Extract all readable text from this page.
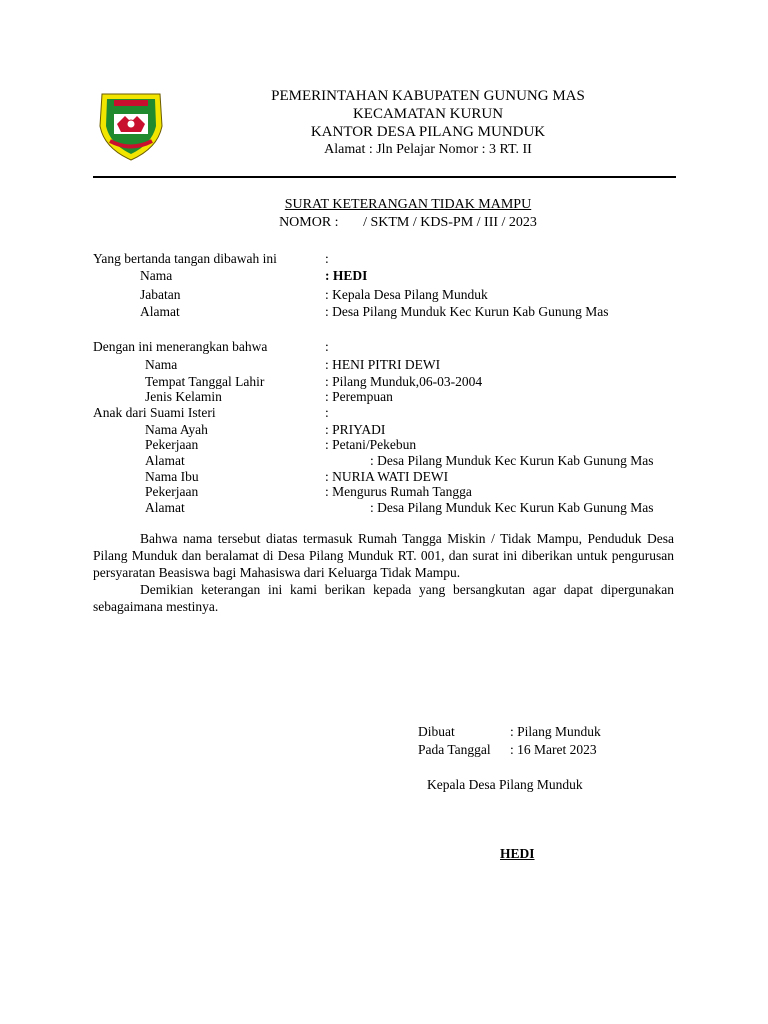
PEMERINTAHAN KABUPATEN GUNUNG MAS
KECAMATAN KURUN
KANTOR DESA PILANG MUNDUK
Alamat : Jln Pelajar Nomor : 3 RT. II
SURAT KETERANGAN TIDAK MAMPU
NOMOR :       / SKTM / KDS-PM / III / 2023
Yang bertanda tangan dibawah ini	:
Nama	: HEDI
Jabatan	: Kepala Desa Pilang Munduk
Alamat	: Desa Pilang Munduk Kec Kurun Kab Gunung Mas
Dengan ini menerangkan bahwa	:
Nama	: HENI PITRI DEWI
Tempat Tanggal Lahir	: Pilang Munduk,06-03-2004
Jenis Kelamin	: Perempuan
Anak dari Suami Isteri	:
Nama Ayah	: PRIYADI
Pekerjaan	: Petani/Pekebun
Alamat	: Desa Pilang Munduk Kec Kurun Kab Gunung Mas
Nama Ibu	: NURIA WATI DEWI
Pekerjaan	: Mengurus Rumah Tangga
Alamat	: Desa Pilang Munduk Kec Kurun Kab Gunung Mas
Bahwa nama tersebut diatas termasuk Rumah Tangga Miskin / Tidak Mampu, Penduduk Desa Pilang Munduk dan beralamat di Desa Pilang Munduk RT. 001, dan surat ini diberikan untuk pengurusan persyaratan Beasiswa bagi Mahasiswa dari Keluarga Tidak Mampu.
Demikian keterangan ini kami berikan kepada yang bersangkutan agar dapat dipergunakan sebagaimana mestinya.
Dibuat	: Pilang Munduk
Pada Tanggal : 16 Maret 2023
Kepala Desa Pilang Munduk
HEDI
